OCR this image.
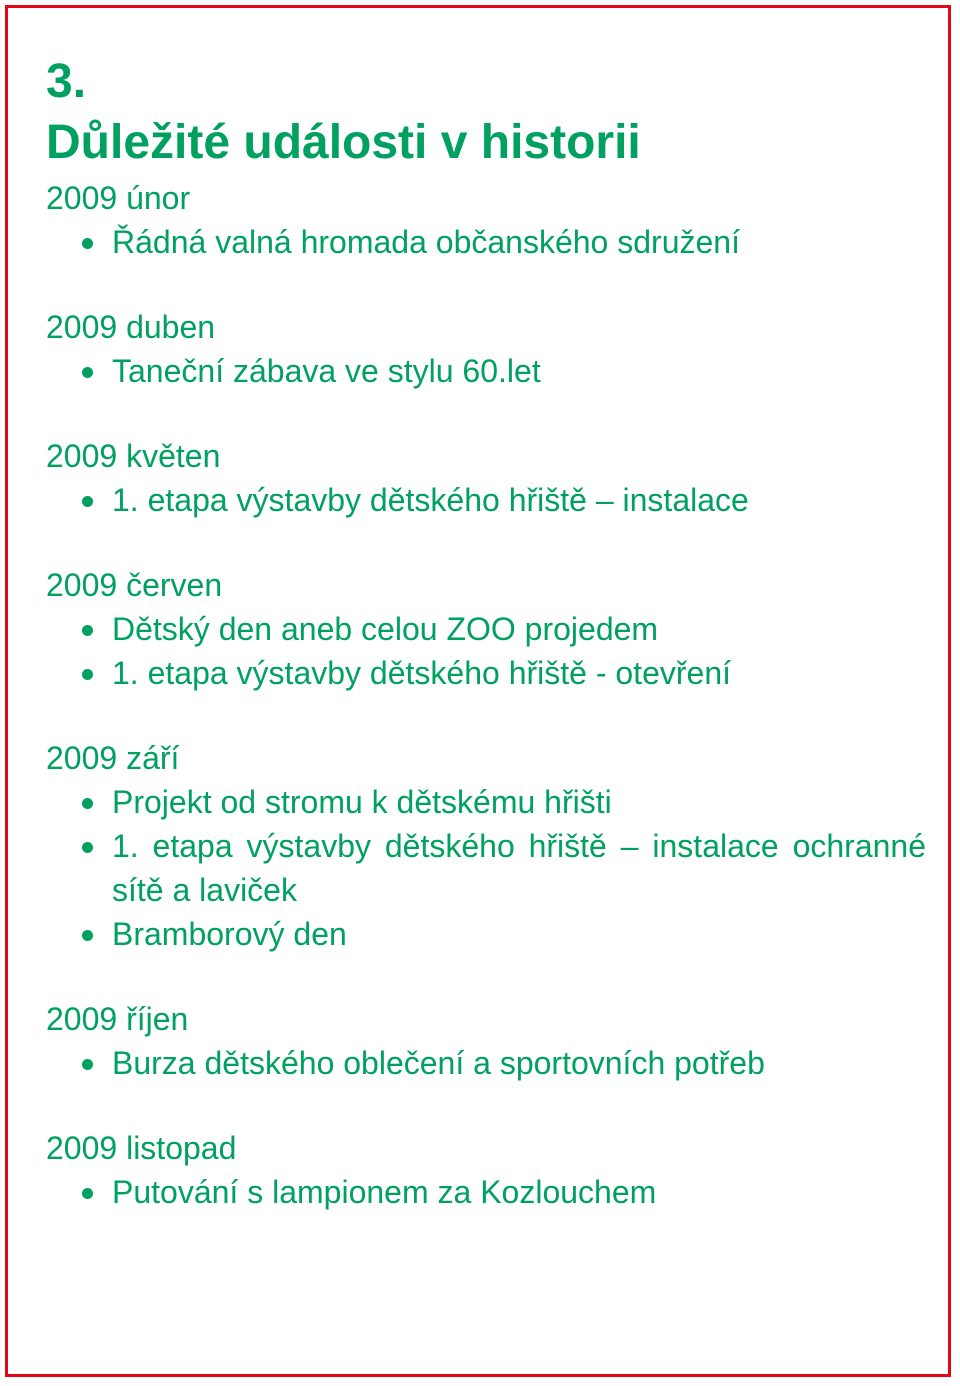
3.
Důležité události v historii
2009 únor
Řádná valná hromada občanského sdružení
2009 duben
Taneční zábava ve stylu 60.let
2009 květen
1. etapa výstavby dětského hřiště – instalace
2009 červen
Dětský den aneb celou ZOO projedem
1. etapa výstavby dětského hřiště - otevření
2009 září
Projekt od stromu k dětskému hřišti
1. etapa výstavby dětského hřiště – instalace ochranné sítě a laviček
Bramborový den
2009 říjen
Burza dětského oblečení a sportovních potřeb
2009 listopad
Putování s lampionem za Kozlouchem
